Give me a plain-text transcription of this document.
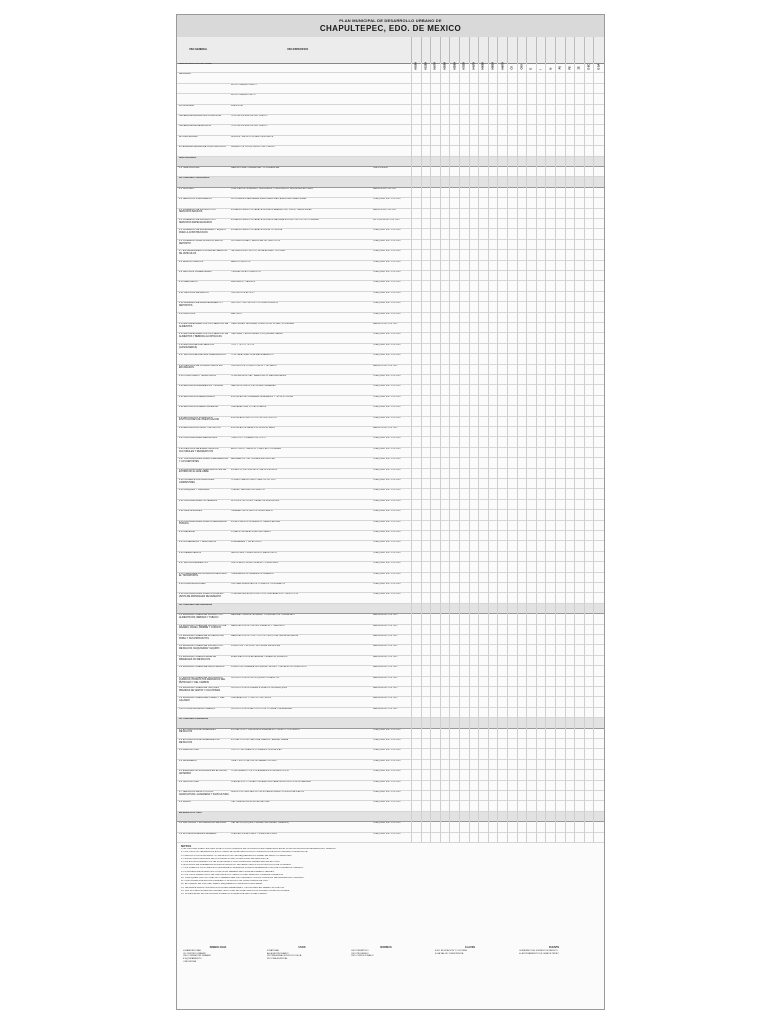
PLAN MUNICIPAL DE DESARROLLO URBANO DE
CHAPULTEPEC, EDO. DE MEXICO
USO GENERAL	USO ESPECIFICO
H100A	H125A	H167A	H200A	H250A	H333A	H417A	H500A	H583A	H667A	CU	CRU	E	I	N	AG	PE	ZE	E-EC	E-SA
HABITANTES POR HECTAREA
DENSIDAD
M2 DE TERRENO BRUTO
M2 DE TERRENO NETO
LOTE MINIMO	FRENTE ML
SUPERFICIE MAXIMA SIN CONSTRUIR	% DE LA SUPERFICIE DEL PREDIO
SUPERFICIE DE DESPLANTE	% DE LA SUPERFICIE DEL PREDIO
ALTURA MAXIMA	NIVELES / METROS SOBRE DESPLANTE
INTENSIDAD MAXIMA DE CONSTRUCCION	NUMERO DE VECES LA SUP. DEL PREDIO
HABITACIONAL
1.1 HABITACIONAL	HABITACIONAL UNIFAMILIAR / PLURIFAMILIAR	UNA VIVIENDA
ACTIVIDADES TERCIARIAS
2.1 OFICINAS	PUBLICAS DE GOBIERNO, SINDICALES, CONSULADOS, REPRESENTACIONES	HASTA 30 M2 POR USO
2.2 SERVICIOS FINANCIEROS	SUCURSALES BANCARIAS, ASEGURADORAS, AGENCIAS FINANCIERAS	CUALQUIER SUP. POR USO
2.3 COMERCIO DE PRODUCTOS Y SERVICIOS BASICOS
ESTABLECIMIENTOS PARA LA VENTA DE ABARROTES, VINOS, CARNICERIAS	HASTA 30 M2 POR USO
2.4 COMERCIO DE PRODUCTOS Y SERVICIOS ESPECIALIZADOS
ESTABLECIMIENTOS PARA LA VENTA DE MATERIALES ELECTRICOS, DE PLOMERIA	DE 121 A 500 M2 POR USO
2.5 COMERCIO DE MATERIALES Y EQUIPO PARA LA CONSTRUCCION
ESTABLECIMIENTOS PARA LA VENTA Y/O RENTA	CUALQUIER SUP. POR USO
2.6 COMERCIO PARA LA VENTA, RENTA, DEPOSITO
DISTRIBUIDORAS Y AGENCIAS DE VEHICULOS	CUALQUIER SUP. POR USO
2.7 ESTABLECIMIENTOS PARA EL SERVICIO DE VEHICULOS
TALLERES ELECTRICOS, HOJALATERIA Y PINTURA	CUALQUIER SUP. POR USO
2.8 BAÑOS PUBLICOS	BAÑOS PUBLICOS	CUALQUIER SUP. POR USO
2.9 CENTROS COMERCIALES	TIENDAS DE AUTOSERVICIO	CUALQUIER SUP. POR USO
2.10 MERCADOS	MERCADOS, TIANGUIS	CUALQUIER SUP. POR USO
2.11 CENTROS DE ABASTO	CENTROS DE ACOPIO	CUALQUIER SUP. POR USO
2.12 BODEGAS DE ALMACENAMIENTO Y DEPOSITOS
DEPOSITO DE PRODUCTOS PERECEDEROS	CUALQUIER SUP. POR USO
2.13 RASTROS	RASTROS	CUALQUIER SUP. POR USO
2.14 ESTABLECIMIENTOS CON SERVICIO DE ALIMENTOS
CAFETERIAS, NEVERIAS, FUENTES DE SODAS, JUGUERIAS	HASTA 120 M2 POR USO
2.15 ESTABLECIMIENTOS CON SERVICIO DE ALIMENTOS Y BEBIDAS ALCOHOLICAS
CANTINAS, CERVECERIAS, PULQUERIAS, BARES	CUALQUIER SUP. POR USO
2.16 ESTACIONES DE SERVICIO (GASOLINERAS)
TIPO I, TIPO II, TIPO III	CUALQUIER SUP. POR USO
2.17 ESTACIONES DE GAS CARBURACION	CON CAPACIDAD DE ALMACENAMIENTO	CUALQUIER SUP. POR USO
2.18 CENTROS DE CONSULTORIOS SIN ENCAMADOS
CENTROS DE CONSULTORIOS Y DE SALUD	HASTA 120 M2 POR USO
2.19 HOSPITALES Y SANATORIOS	CLINICAS-HOSPITAL, SANATORIOS, MATERNIDADES	CUALQUIER SUP. POR USO
2.20 EDUCACION ELEMENTAL Y BASICA	JARDIN DE NIÑOS, ESCUELAS PRIMARIAS	CUALQUIER SUP. POR USO
2.21 EDUCACION MEDIA BASICA	ESCUELAS SECUNDARIAS GENERALES Y TECNOLOGICAS	CUALQUIER SUP. POR USO
2.22 EDUCACION MEDIA SUPERIOR	PREPARATORIA, VOCACIONALES	CUALQUIER SUP. POR USO
2.23 EDUCACION SUPERIOR E INSTITUCIONES DE INVESTIGACION
ESCUELAS E INSTITUTOS TECNOLOGICOS	CUALQUIER SUP. POR USO
2.24 EDUCACION FISICA Y ARTISTICA	ESCUELAS DE NATACION, MUSICA, BAILE	HASTA 250 M2 POR USO
2.25 INSTALACIONES RELIGIOSAS	TEMPLOS Y LUGARES DE CULTO	CUALQUIER SUP. POR USO
2.26 CENTROS DE ESPECTACULOS, CULTURALES Y RECREATIVOS
AUDITORIOS, TEATROS, CINES, AUTOCINEMAS	CUALQUIER SUP. POR USO
2.27 INSTALACIONES PARA LA RECREACION Y LOS DEPORTES
BALNEARIOS Y ACTIVIDADES ACUATICAS	CUALQUIER SUP. POR USO
2.28 INSTALACIONES PARA DEPORTES DE EXHIBICION AL AIRE LIBRE
ESTADIOS, HIPODROMOS, GALGODROMOS	CUALQUIER SUP. POR USO
2.29 CLUBES E INSTALACIONES CAMPESTRES
CLUBES CAMPESTRES, CAMPOS DE TIRO	CUALQUIER SUP. POR USO
2.30 PARQUES Y JARDINES	PLAZAS, JARDINES BOTANICOS	CUALQUIER SUP. POR USO
2.31 INSTALACIONES HOTELERAS	HOTELES, MOTELES, CASAS DE HUESPEDES	CUALQUIER SUP. POR USO
2.32 ASISTENCIALES	ORFANATORIOS, ASILOS DE ANCIANOS	CUALQUIER SUP. POR USO
2.33 INSTALACIONES PARA LA SEGURIDAD PUBLICA
ESTACIONES DE BOMBEROS Y AMBULANCIAS	CUALQUIER SUP. POR USO
2.34 DEFENSA	ZONAS E INSTALACIONES MILITARES	CUALQUIER SUP. POR USO
2.35 FUNERARIAS Y VELATORIOS	FUNERARIAS Y VELATORIOS	CUALQUIER SUP. POR USO
2.36 CEMENTERIOS	PANTEONES, CEMENTERIOS, MAUSOLEOS	CUALQUIER SUP. POR USO
2.37 ESTACIONAMIENTOS	VERTICALES, HORIZONTALES Y PENSIONES	CUALQUIER SUP. POR USO
2.38 TERMINALES E INSTALACIONES PARA EL TRANSPORTE
TERMINALES DE PASAJEROS URBANOS	CUALQUIER SUP. POR USO
2.39 COMUNICACIONES	OFICINAS, AGENCIAS DE CORREOS, TELEGRAFOS	CUALQUIER SUP. POR USO
2.40 INSTALACIONES PARA LA COMPRA-VENTA DE MATERIALES DE DESECHO
COMPRA-VENTA, RECOLECCION, PREPARACION Y SELECCION	CUALQUIER SUP. POR USO
ACTIVIDADES SECUNDARIAS
3.1 MANUFACTURERA DE PRODUCTOS ALIMENTICIOS, BEBIDAS Y TABACO
MANUFACTURA DE LA CARNE: CONGELACION Y EMPACADO	HASTA 600 M2 POR USO
3.2 MANUFACTURERA DE PRODUCTOS DE MADERA, PALMA, MIMBRE Y CORCHO
FABRICACION DE TRIPLAY, FIBRACEL Y TABLEROS	HASTA 600 M2 POR USO
3.3 MANUFACTURERA DE LA CELULOSA, PAPEL Y SUS PRODUCTOS
FABRICACION DE TODO TIPO DE CELULOSA, PASTA MECANICA	HASTA 600 M2 POR USO
3.4 MANUFACTURERA DE PRODUCTOS METALICOS, MAQUINARIA Y EQUIPO
FUNDICION Y MOLDEO DE PIEZAS METALICAS	HASTA 600 M2 POR USO
3.5 MANUFACTURERA A BASE DE MINERALES NO METALICOS
ELABORACION DE ALFARERIA, CERAMICA, MUEBLES	HASTA 600 M2 POR USO
3.6 MANUFACTURERA METALICA BASICA	FUNDICION PRIMARIA DEL HIERRO, ACERO Y METALES NO FERROSOS	HASTA 600 M2 POR USO
3.7 MANUFACTURERA DE SUSTANCIAS QUIMICAS, PRODUCTOS DERIVADOS DEL PETROLEO Y DEL CARBON
PRODUCCION DE PETROQUIMICOS BASICOS	HASTA 600 M2 POR USO
3.8 MANUFACTURERA DE TEXTILES, PRENDAS DE VESTIR Y COLCHONES
PRODUCCION DE FIBRAS E HILADOS DE HENEQUEN	HASTA 600 M2 POR USO
3.9 MANUFACTURERA DEL CUERO Y DEL CALZADO
PREPARACION Y CURTIDO DE PIELES	HASTA 600 M2 POR USO
3.10 OTRAS MANUFACTURERAS	PRODUCCION DE ARTICULOS DE JOYERIA, ORFEBRERIA	HASTA 600 M2 POR USO
ACTIVIDADES PRIMARIAS
4.1 EXTRACCION DE MINERALES METALICOS
EXTRACCION Y LIMPIEZA DE MINERALES CON ALTO CONTENIDO	CUALQUIER SUP. POR USO
4.2 EXTRACCION DE MINERALES NO METALICOS
EXTRACCION DE CANTERA, MARMOL, ARENA, GRAVA	CUALQUIER SUP. POR USO
4.3 AGRICULTURA	CULTIVO DE GRANOS, FORRAJES, HORTALIZAS	CUALQUIER SUP. POR USO
4.4 GANADERIA	CRIA Y EXPLOTACION DE GANADO BOVINO	CUALQUIER SUP. POR USO
4.5 ESPECIES NO INCLUIDAS EN EL INCISO ANTERIOR
CONFORMADO POR LOS ANIMALES NO ALIMENTICIOS	CUALQUIER SUP. POR USO
4.6 SILVICULTURA	PLANTACION Y CUIDADO DE ARBOLES PARA LA PRODUCCION DE MADERA	CUALQUIER SUP. POR USO
4.7 SERVICIOS DE APOYO A LA AGRICULTURA, GANADERIA Y SILVICULTURA
SERVICIOS PRESTADOS POR ESTABLECIMIENTOS ESPECIALIZADOS	CUALQUIER SUP. POR USO
4.8 PESCA	CAPTURA DE ESPECIES ACUATICAS	CUALQUIER SUP. POR USO
INFRAESTRUCTURA
5.1 CAPTACION Y DISTRIBUCION DE AGUA	CAPTACION (DIQUES, PRESAS, REPRESAS, CANALES)	CUALQUIER SUP. POR USO
5.2 INSTALACIONES EN GENERAL	PLANTAS, ESTACIONES Y SUBESTACIONES	CUALQUIER SUP. POR USO
NOTAS
1. EL USO DEL SUELO ESTARA SUJETO A LAS NORMAS DE OCUPACION ESTABLECIDAS EN EL PLAN MUNICIPAL DE DESARROLLO URBANO.
2. LOS USOS NO SEÑALADOS EN LA TABLA SE SUJETARAN A LA AUTORIZACION DE LA AUTORIDAD COMPETENTE.
3. PARA LOS USOS DE IMPACTO SIGNIFICATIVO SE REQUERIRA DICTAMEN DE IMPACTO REGIONAL.
4. LAS ALTURAS MAXIMAS SE CONTARAN A PARTIR DEL NIVEL DE DESPLANTE.
5. LOS ESTACIONAMIENTOS SE SUJETARAN A LAS NORMAS ESTABLECIDAS EN EL PLAN.
6. EN ZONAS DE PRESERVACION ECOLOGICA NO SE PERMITIRA LA CONSTRUCCION DE VIVIENDA.
7. LOS PREDIOS CON FRENTE A VIALIDADES PRIMARIAS PODRAN ALBERGAR USOS DE CORREDOR URBANO.
8. LA SUPERFICIE MINIMA SIN CONSTRUIR DEBERA DESTINARSE A AREAS VERDES.
9. LOS USOS PERMITIDOS SE INDICAN EN LA TABLA CON EL SIMBOLO CORRESPONDIENTE.
10. CUALQUIER USO NO PREVISTO DEBERA SER DICTAMINADO POR LA COMISION DE DESARROLLO URBANO.
11. LAS NORMAS DE ESTACIONAMIENTO APLICAN POR CADA UNIDAD DE USO.
12. EL CAMBIO DE USO DEL SUELO REQUIERE AUTORIZACION EXPRESA.
13. SE RESPETARAN LAS RESTRICCIONES FEDERALES Y ESTATALES EN DERECHOS DE VIA.
14. LAS INSTALACIONES DE INFRAESTRUCTURA SE SUJETARAN A LA NORMATIVIDAD APLICABLE.
15. LA DENSIDAD SE CALCULARA SOBRE LA SUPERFICIE BRUTA DEL PREDIO.
SIMBOLOGIA
H HABITACIONAL
CU CENTRO URBANO
CRU CORREDOR URBANO
E EQUIPAMIENTO
I INDUSTRIA
USOS
N NATURAL
AG AGROPECUARIO
PE PRESERVACION ECOLOGICA
ZE ZONA ESPECIAL
NORMAS
USO PERMITIDO
USO PROHIBIDO
USO CONDICIONADO
CLAVES
E-EC EDUCACION Y CULTURA
E-SA SALUD Y ASISTENCIA
FUENTE
GOBIERNO DEL ESTADO DE MEXICO
H. AYUNTAMIENTO DE CHAPULTEPEC
